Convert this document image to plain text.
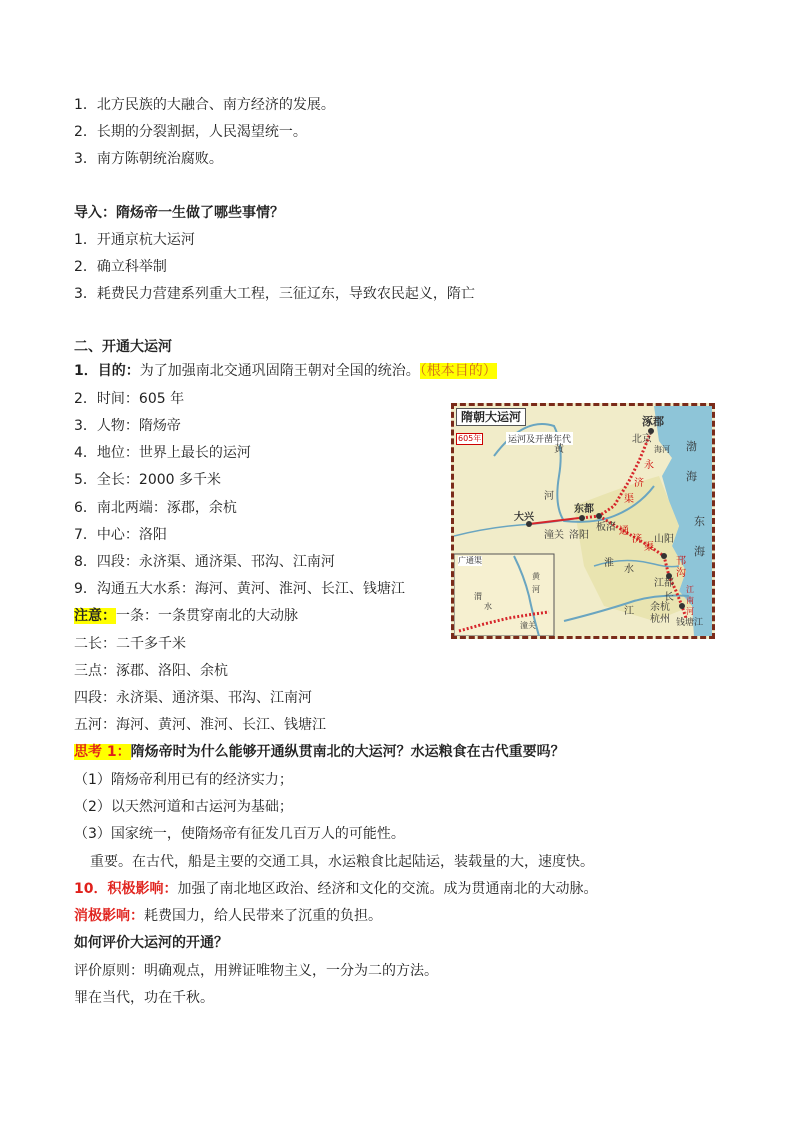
1．北方民族的大融合、南方经济的发展。
2．长期的分裂割据，人民渴望统一。
3．南方陈朝统治腐败。
导入：隋炀帝一生做了哪些事情？
1．开通京杭大运河
2．确立科举制
3．耗费民力营建系列重大工程，三征辽东，导致农民起义，隋亡
二、开通大运河
1．目的：为了加强南北交通巩固隋王朝对全国的统治。（根本目的）
2．时间：605 年
3．人物：隋炀帝
4．地位：世界上最长的运河
5．全长：2000 多千米
6．南北两端：涿郡，余杭
7．中心：洛阳
8．四段：永济渠、通济渠、邗沟、江南河
9．沟通五大水系：海河、黄河、淮河、长江、钱塘江
注意：一条：一条贯穿南北的大动脉
二长：二千多千米
三点：涿郡、洛阳、余杭
四段：永济渠、通济渠、邗沟、江南河
五河：海河、黄河、淮河、长江、钱塘江
思考 1：隋炀帝时为什么能够开通纵贯南北的大运河？水运粮食在古代重要吗？
（1）隋炀帝利用已有的经济实力；
（2）以天然河道和古运河为基础；
（3）国家统一，使隋炀帝有征发几百万人的可能性。
重要。在古代，船是主要的交通工具，水运粮食比起陆运，装载量的大，速度快。
10．积极影响：加强了南北地区政治、经济和文化的交流。成为贯通南北的大动脉。
消极影响：耗费国力，给人民带来了沉重的负担。
如何评价大运河的开通？
评价原则：明确观点，用辨证唯物主义，一分为二的方法。
罪在当代，功在千秋。
隋朝大运河
605年	运河及开凿年代
广通渠
涿郡
北京
海河 渤
海
黄
河
大兴
东都
潼关 洛阳
板渚
永
济
渠
通
济
渠
山阳
邗
沟
江都
淮
水
长
江
东
海
江南河
余杭
杭州 钱塘江
渭
水
黄
河
潼关
